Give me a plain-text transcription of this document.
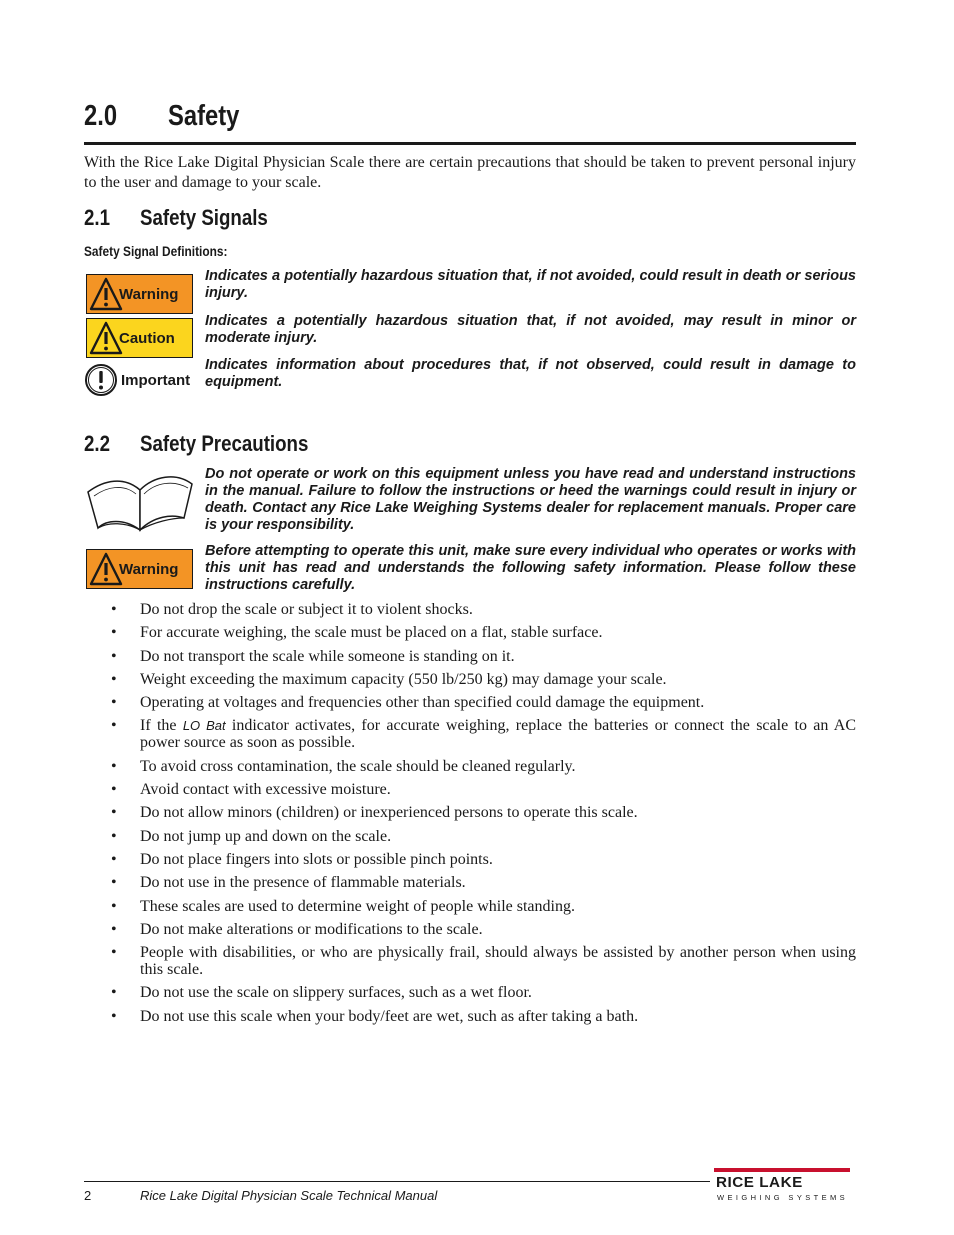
2.0 Safety

With the Rice Lake Digital Physician Scale there are certain precautions that should be taken to prevent personal injury to the user and damage to your scale.

2.1 Safety Signals
Safety Signal Definitions:
Warning
Indicates a potentially hazardous situation that, if not avoided, could result in death or serious injury.
Caution
Indicates a potentially hazardous situation that, if not avoided, may result in minor or moderate injury.
Important
Indicates information about procedures that, if not observed, could result in damage to equipment.
2.2 Safety Precautions
Do not operate or work on this equipment unless you have read and understand instructions in the manual. Failure to follow the instructions or heed the warnings could result in injury or death. Contact any Rice Lake Weighing Systems dealer for replacement manuals. Proper care is your responsibility.
Warning
Before attempting to operate this unit, make sure every individual who operates or works with this unit has read and understands the following safety information. Please follow these instructions carefully.
• Do not drop the scale or subject it to violent shocks.
• For accurate weighing, the scale must be placed on a flat, stable surface.
• Do not transport the scale while someone is standing on it.
• Weight exceeding the maximum capacity (550 lb/250 kg) may damage your scale.
• Operating at voltages and frequencies other than specified could damage the equipment.
• If the LO Bat indicator activates, for accurate weighing, replace the batteries or connect the scale to an AC power source as soon as possible.
• To avoid cross contamination, the scale should be cleaned regularly.
• Avoid contact with excessive moisture.
• Do not allow minors (children) or inexperienced persons to operate this scale.
• Do not jump up and down on the scale.
• Do not place fingers into slots or possible pinch points.
• Do not use in the presence of flammable materials.
• These scales are used to determine weight of people while standing.
• Do not make alterations or modifications to the scale.
• People with disabilities, or who are physically frail, should always be assisted by another person when using this scale.
• Do not use the scale on slippery surfaces, such as a wet floor.
• Do not use this scale when your body/feet are wet, such as after taking a bath.
2	Rice Lake Digital Physician Scale Technical Manual
RICE LAKE
WEIGHING SYSTEMS
